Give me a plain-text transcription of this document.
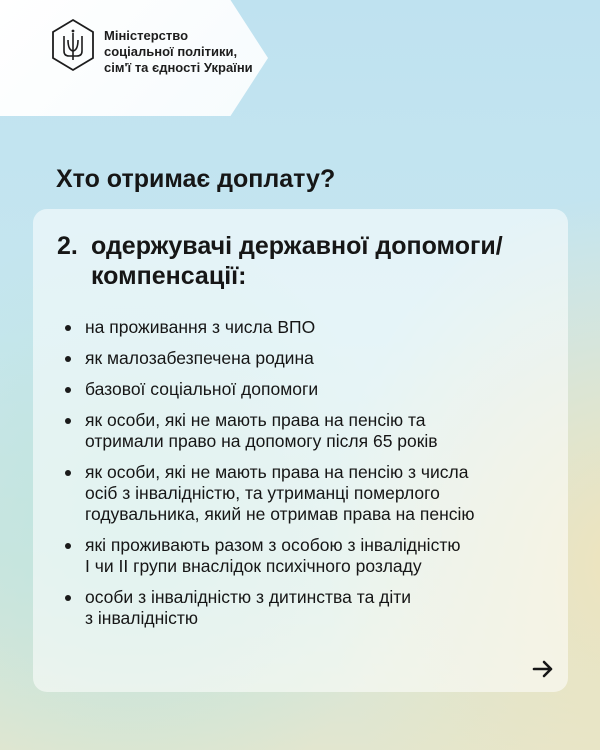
Міністерство
соціальної політики,
сім'ї та єдності України
Хто отримає доплату?
2. одержувачі державної допомоги/
компенсації:
на проживання з числа ВПО
як малозабезпечена родина
базової соціальної допомоги
як особи, які не мають права на пенсію та
отримали право на допомогу після 65 років
як особи, які не мають права на пенсію з числа
осіб з інвалідністю, та утриманці померлого
годувальника, який не отримав права на пенсію
які проживають разом з особою з інвалідністю
I чи II групи внаслідок психічного розладу
особи з інвалідністю з дитинства та діти
з інвалідністю
